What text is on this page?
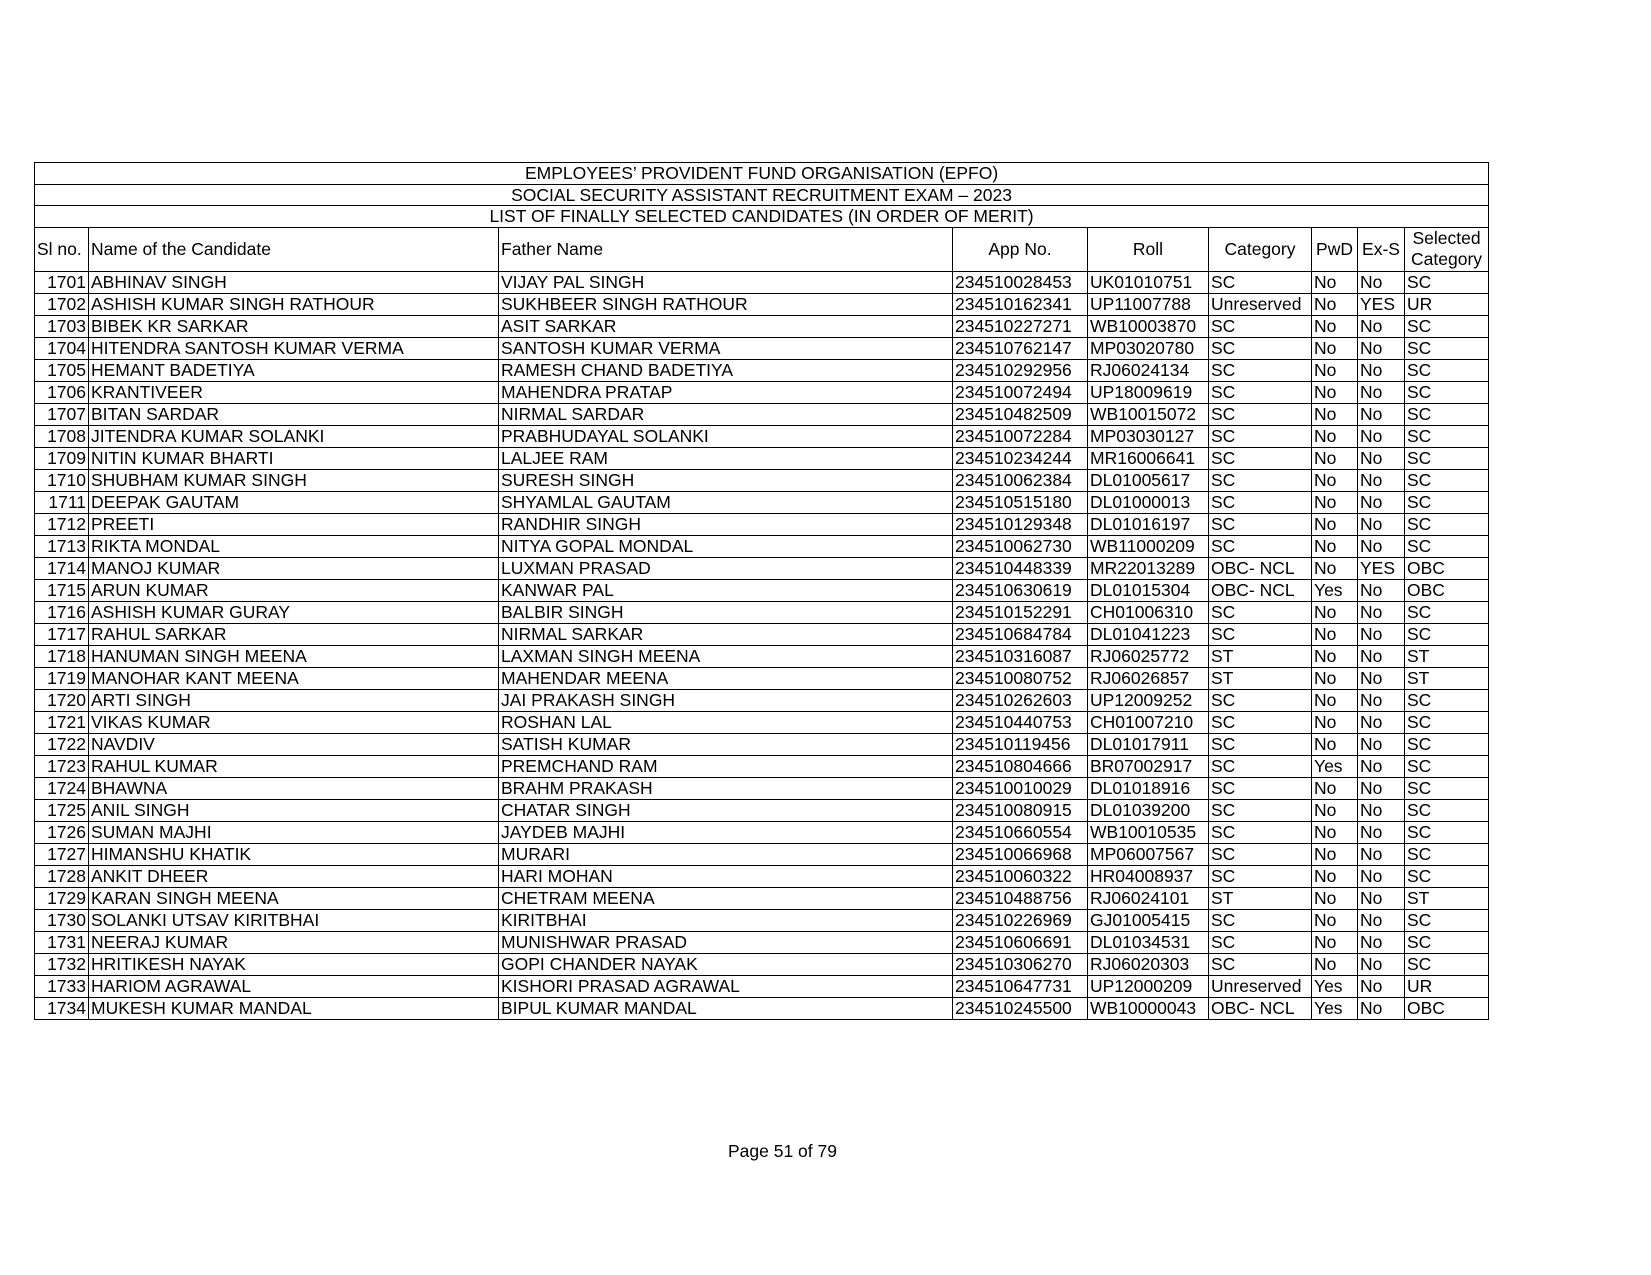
EMPLOYEES’ PROVIDENT FUND ORGANISATION (EPFO)								
SOCIAL SECURITY ASSISTANT RECRUITMENT EXAM – 2023								
LIST OF FINALLY SELECTED CANDIDATES (IN ORDER OF MERIT)								
Sl no.	Name of the Candidate	Father Name	App No.	Roll	Category	PwD	Ex-S	Selected Category
1701	ABHINAV SINGH	VIJAY PAL SINGH	234510028453	UK01010751	SC	No	No	SC
1702	ASHISH KUMAR SINGH RATHOUR	SUKHBEER SINGH RATHOUR	234510162341	UP11007788	Unreserved	No	YES	UR
1703	BIBEK KR SARKAR	ASIT SARKAR	234510227271	WB10003870	SC	No	No	SC
1704	HITENDRA SANTOSH KUMAR VERMA	SANTOSH KUMAR VERMA	234510762147	MP03020780	SC	No	No	SC
1705	HEMANT BADETIYA	RAMESH CHAND BADETIYA	234510292956	RJ06024134	SC	No	No	SC
1706	KRANTIVEER	MAHENDRA PRATAP	234510072494	UP18009619	SC	No	No	SC
1707	BITAN SARDAR	NIRMAL SARDAR	234510482509	WB10015072	SC	No	No	SC
1708	JITENDRA KUMAR SOLANKI	PRABHUDAYAL SOLANKI	234510072284	MP03030127	SC	No	No	SC
1709	NITIN KUMAR BHARTI	LALJEE RAM	234510234244	MR16006641	SC	No	No	SC
1710	SHUBHAM KUMAR SINGH	SURESH SINGH	234510062384	DL01005617	SC	No	No	SC
1711	DEEPAK GAUTAM	SHYAMLAL GAUTAM	234510515180	DL01000013	SC	No	No	SC
1712	PREETI	RANDHIR SINGH	234510129348	DL01016197	SC	No	No	SC
1713	RIKTA MONDAL	NITYA GOPAL MONDAL	234510062730	WB11000209	SC	No	No	SC
1714	MANOJ KUMAR	LUXMAN PRASAD	234510448339	MR22013289	OBC- NCL	No	YES	OBC
1715	ARUN KUMAR	KANWAR PAL	234510630619	DL01015304	OBC- NCL	Yes	No	OBC
1716	ASHISH KUMAR GURAY	BALBIR SINGH	234510152291	CH01006310	SC	No	No	SC
1717	RAHUL SARKAR	NIRMAL SARKAR	234510684784	DL01041223	SC	No	No	SC
1718	HANUMAN SINGH MEENA	LAXMAN SINGH MEENA	234510316087	RJ06025772	ST	No	No	ST
1719	MANOHAR KANT MEENA	MAHENDAR MEENA	234510080752	RJ06026857	ST	No	No	ST
1720	ARTI SINGH	JAI PRAKASH SINGH	234510262603	UP12009252	SC	No	No	SC
1721	VIKAS KUMAR	ROSHAN LAL	234510440753	CH01007210	SC	No	No	SC
1722	NAVDIV	SATISH KUMAR	234510119456	DL01017911	SC	No	No	SC
1723	RAHUL KUMAR	PREMCHAND RAM	234510804666	BR07002917	SC	Yes	No	SC
1724	BHAWNA	BRAHM PRAKASH	234510010029	DL01018916	SC	No	No	SC
1725	ANIL SINGH	CHATAR SINGH	234510080915	DL01039200	SC	No	No	SC
1726	SUMAN MAJHI	JAYDEB MAJHI	234510660554	WB10010535	SC	No	No	SC
1727	HIMANSHU KHATIK	MURARI	234510066968	MP06007567	SC	No	No	SC
1728	ANKIT DHEER	HARI MOHAN	234510060322	HR04008937	SC	No	No	SC
1729	KARAN SINGH MEENA	CHETRAM MEENA	234510488756	RJ06024101	ST	No	No	ST
1730	SOLANKI UTSAV KIRITBHAI	KIRITBHAI	234510226969	GJ01005415	SC	No	No	SC
1731	NEERAJ KUMAR	MUNISHWAR PRASAD	234510606691	DL01034531	SC	No	No	SC
1732	HRITIKESH NAYAK	GOPI CHANDER NAYAK	234510306270	RJ06020303	SC	No	No	SC
1733	HARIOM AGRAWAL	KISHORI PRASAD AGRAWAL	234510647731	UP12000209	Unreserved	Yes	No	UR
1734	MUKESH KUMAR MANDAL	BIPUL KUMAR MANDAL	234510245500	WB10000043	OBC- NCL	Yes	No	OBC
Page 51 of 79
